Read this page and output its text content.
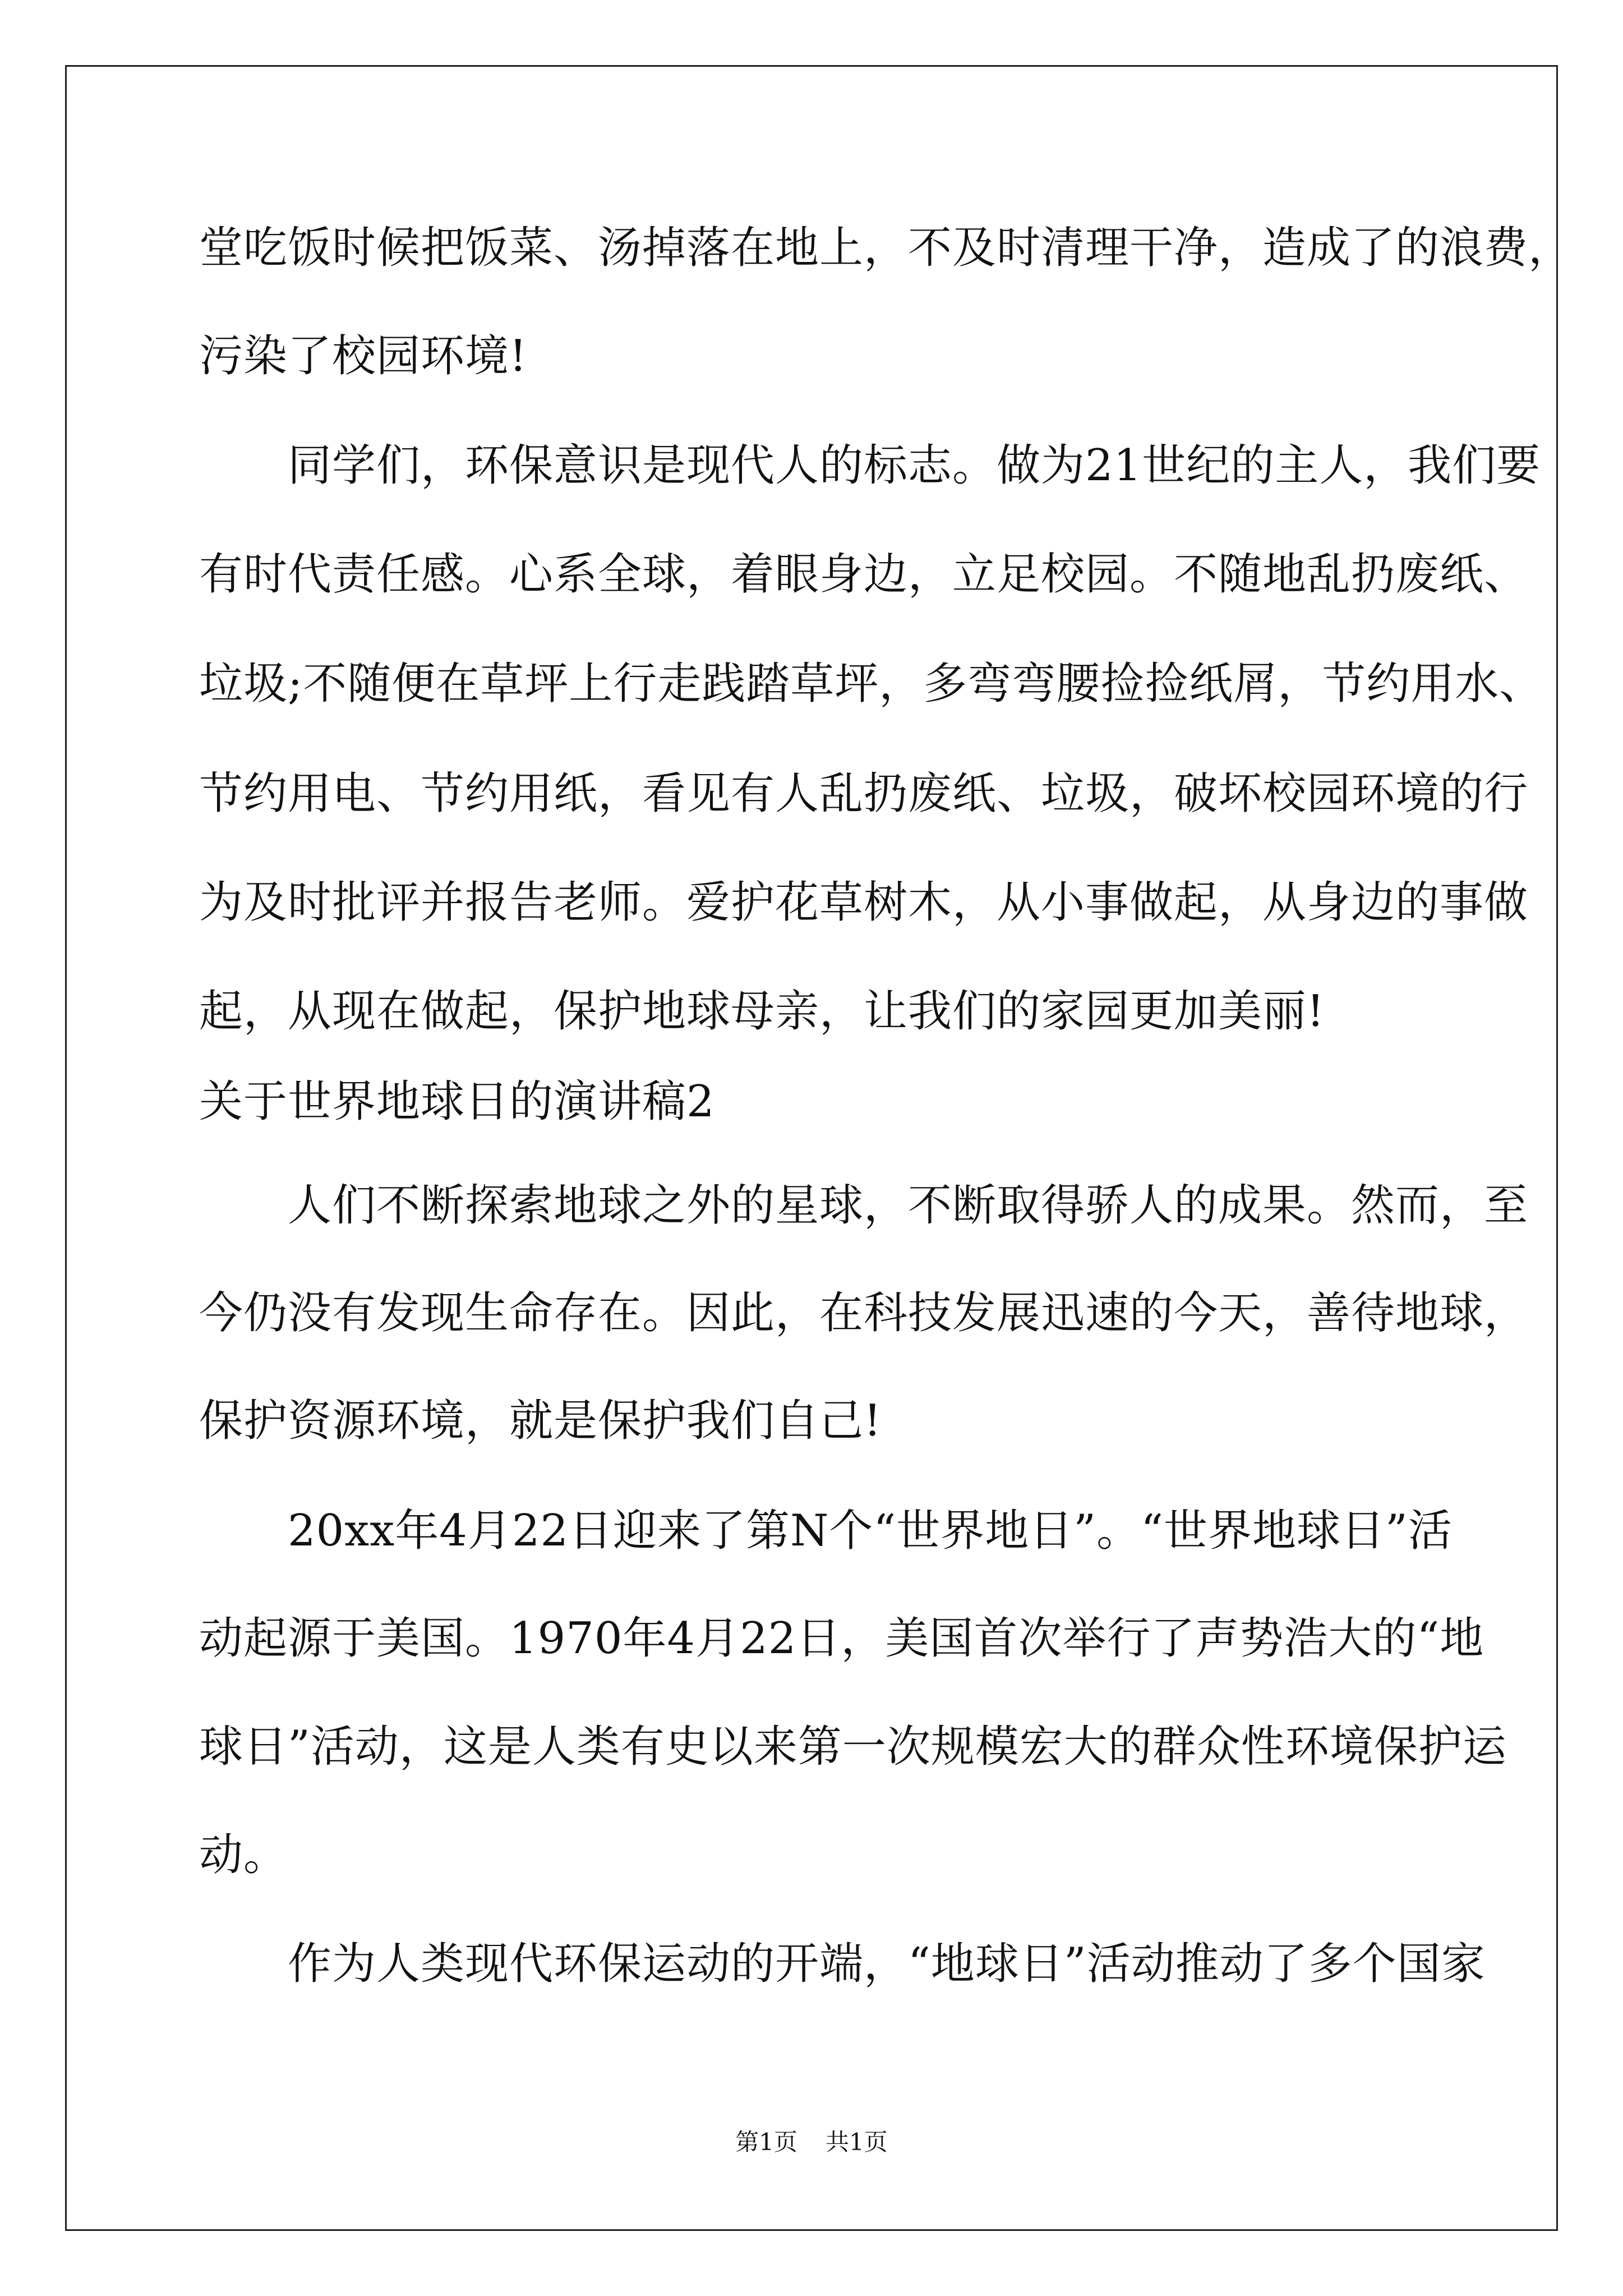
堂吃饭时候把饭菜、汤掉落在地上，不及时清理干净，造成了的浪费，
污染了校园环境!
　　同学们，环保意识是现代人的标志。做为21世纪的主人，我们要
有时代责任感。心系全球，着眼身边，立足校园。不随地乱扔废纸、
垃圾;不随便在草坪上行走践踏草坪，多弯弯腰捡捡纸屑，节约用水、
节约用电、节约用纸，看见有人乱扔废纸、垃圾，破坏校园环境的行
为及时批评并报告老师。爱护花草树木，从小事做起，从身边的事做
起，从现在做起，保护地球母亲，让我们的家园更加美丽!
关于世界地球日的演讲稿2
　　人们不断探索地球之外的星球，不断取得骄人的成果。然而，至
今仍没有发现生命存在。因此，在科技发展迅速的今天，善待地球，
保护资源环境，就是保护我们自己!
　　20xx年4月22日迎来了第N个“世界地日”。“世界地球日”活
动起源于美国。1970年4月22日，美国首次举行了声势浩大的“地
球日”活动，这是人类有史以来第一次规模宏大的群众性环境保护运
动。
　　作为人类现代环保运动的开端，“地球日”活动推动了多个国家
第1页 共1页
